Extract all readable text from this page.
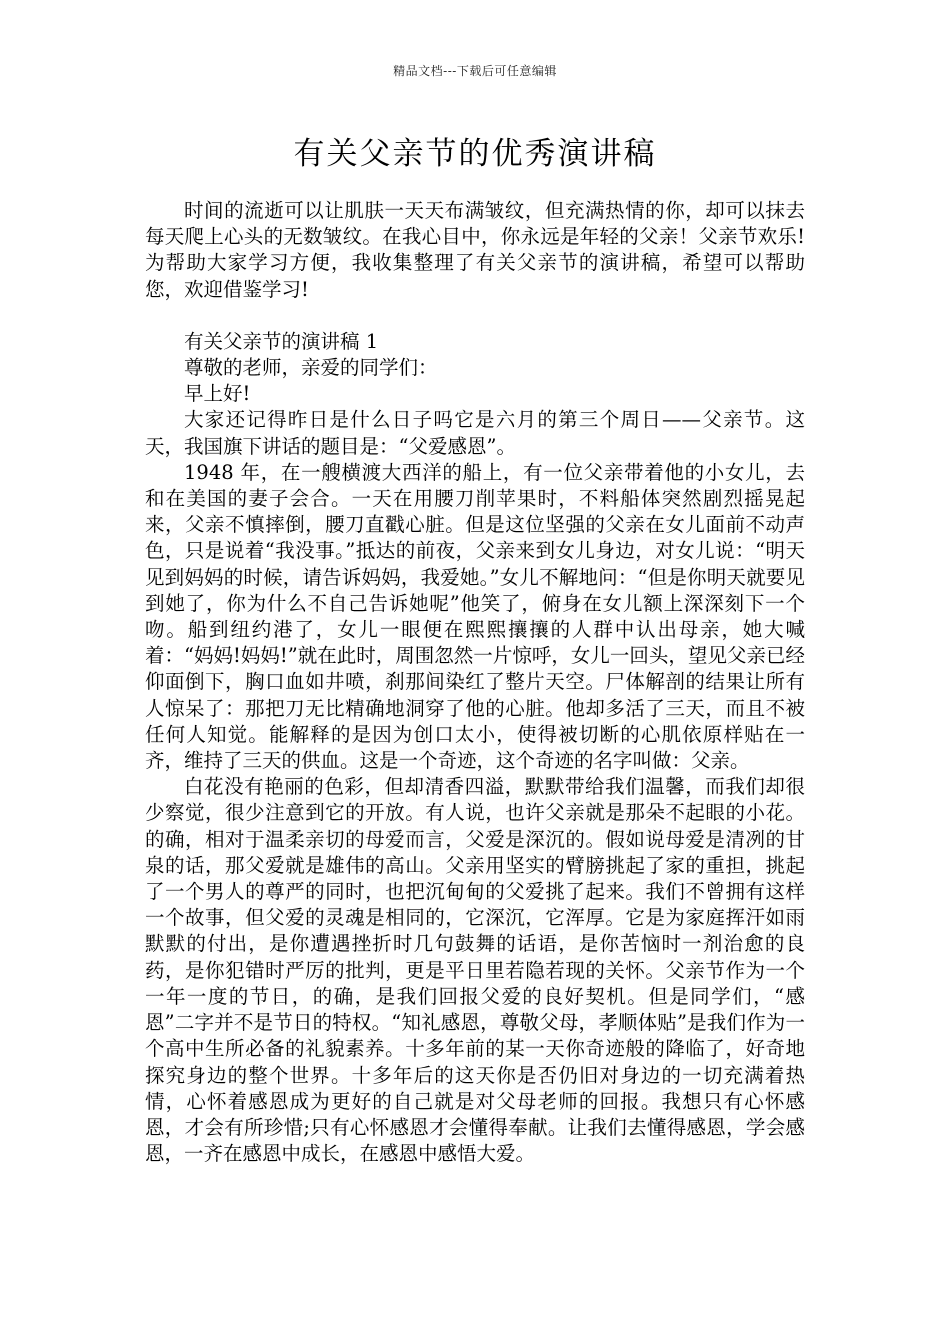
精品文档---下载后可任意编辑
有关父亲节的优秀演讲稿

时间的流逝可以让肌肤一天天布满皱纹，但充满热情的你，却可以抹去每天爬上心头的无数皱纹。在我心目中，你永远是年轻的父亲！父亲节欢乐!为帮助大家学习方便，我收集整理了有关父亲节的演讲稿，希望可以帮助您，欢迎借鉴学习!

有关父亲节的演讲稿 1

尊敬的老师，亲爱的同学们：

早上好!

大家还记得昨日是什么日子吗它是六月的第三个周日——父亲节。这天，我国旗下讲话的题目是：“父爱感恩”。

1948 年，在一艘横渡大西洋的船上，有一位父亲带着他的小女儿，去和在美国的妻子会合。一天在用腰刀削苹果时，不料船体突然剧烈摇晃起来，父亲不慎摔倒，腰刀直戳心脏。但是这位坚强的父亲在女儿面前不动声色，只是说着“我没事。”抵达的前夜，父亲来到女儿身边，对女儿说：“明天见到妈妈的时候，请告诉妈妈，我爱她。”女儿不解地问：“但是你明天就要见到她了，你为什么不自己告诉她呢”他笑了，俯身在女儿额上深深刻下一个吻。船到纽约港了，女儿一眼便在熙熙攘攘的人群中认出母亲，她大喊着：“妈妈!妈妈!”就在此时，周围忽然一片惊呼，女儿一回头，望见父亲已经仰面倒下，胸口血如井喷，刹那间染红了整片天空。尸体解剖的结果让所有人惊呆了：那把刀无比精确地洞穿了他的心脏。他却多活了三天，而且不被任何人知觉。能解释的是因为创口太小，使得被切断的心肌依原样贴在一齐，维持了三天的供血。这是一个奇迹，这个奇迹的名字叫做：父亲。

白花没有艳丽的色彩，但却清香四溢，默默带给我们温馨，而我们却很少察觉，很少注意到它的开放。有人说，也许父亲就是那朵不起眼的小花。的确，相对于温柔亲切的母爱而言，父爱是深沉的。假如说母爱是清冽的甘泉的话，那父爱就是雄伟的高山。父亲用坚实的臂膀挑起了家的重担，挑起了一个男人的尊严的同时，也把沉甸甸的父爱挑了起来。我们不曾拥有这样一个故事，但父爱的灵魂是相同的，它深沉，它浑厚。它是为家庭挥汗如雨默默的付出，是你遭遇挫折时几句鼓舞的话语，是你苦恼时一剂治愈的良药，是你犯错时严厉的批判，更是平日里若隐若现的关怀。父亲节作为一个一年一度的节日，的确，是我们回报父爱的良好契机。但是同学们，“感恩”二字并不是节日的特权。“知礼感恩，尊敬父母，孝顺体贴”是我们作为一个高中生所必备的礼貌素养。十多年前的某一天你奇迹般的降临了，好奇地探究身边的整个世界。十多年后的这天你是否仍旧对身边的一切充满着热情，心怀着感恩成为更好的自己就是对父母老师的回报。我想只有心怀感恩，才会有所珍惜;只有心怀感恩才会懂得奉献。让我们去懂得感恩，学会感恩，一齐在感恩中成长，在感恩中感悟大爱。
